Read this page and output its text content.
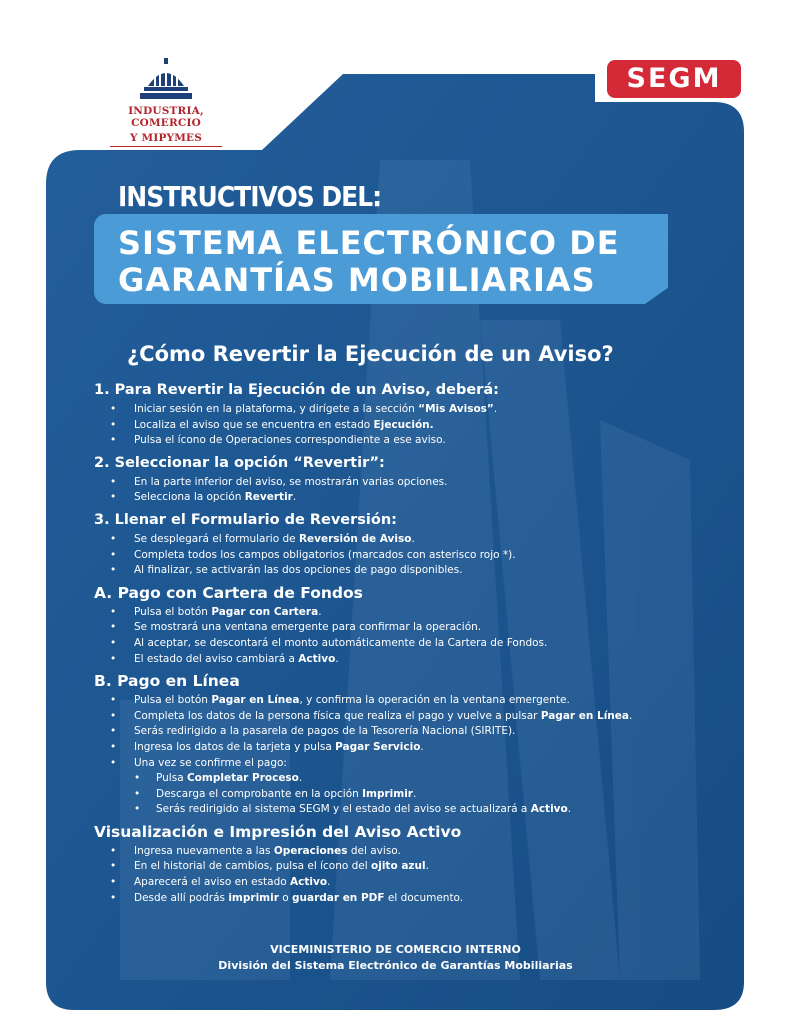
INDUSTRIA, COMERCIO
Y MIPYMES
SEGM
INSTRUCTIVOS DEL:
SISTEMA ELECTRÓNICO DE
GARANTÍAS MOBILIARIAS
¿Cómo Revertir la Ejecución de un Aviso?
1. Para Revertir la Ejecución de un Aviso, deberá:
• Iniciar sesión en la plataforma, y dirígete a la sección “Mis Avisos”.
• Localiza el aviso que se encuentra en estado Ejecución.
• Pulsa el ícono de Operaciones correspondiente a ese aviso.
2. Seleccionar la opción “Revertir”:
• En la parte inferior del aviso, se mostrarán varias opciones.
• Selecciona la opción Revertir.
3. Llenar el Formulario de Reversión:
• Se desplegará el formulario de Reversión de Aviso.
• Completa todos los campos obligatorios (marcados con asterisco rojo *).
• Al finalizar, se activarán las dos opciones de pago disponibles.
A. Pago con Cartera de Fondos
• Pulsa el botón Pagar con Cartera.
• Se mostrará una ventana emergente para confirmar la operación.
• Al aceptar, se descontará el monto automáticamente de la Cartera de Fondos.
• El estado del aviso cambiará a Activo.
B. Pago en Línea
• Pulsa el botón Pagar en Línea, y confirma la operación en la ventana emergente.
• Completa los datos de la persona física que realiza el pago y vuelve a pulsar Pagar en Línea.
• Serás redirigido a la pasarela de pagos de la Tesorería Nacional (SIRITE).
• Ingresa los datos de la tarjeta y pulsa Pagar Servicio.
• Una vez se confirme el pago:
• Pulsa Completar Proceso.
• Descarga el comprobante en la opción Imprimir.
• Serás redirigido al sistema SEGM y el estado del aviso se actualizará a Activo.
Visualización e Impresión del Aviso Activo
• Ingresa nuevamente a las Operaciones del aviso.
• En el historial de cambios, pulsa el ícono del ojito azul.
• Aparecerá el aviso en estado Activo.
• Desde allí podrás imprimir o guardar en PDF el documento.
VICEMINISTERIO DE COMERCIO INTERNO
División del Sistema Electrónico de Garantías Mobiliarias
